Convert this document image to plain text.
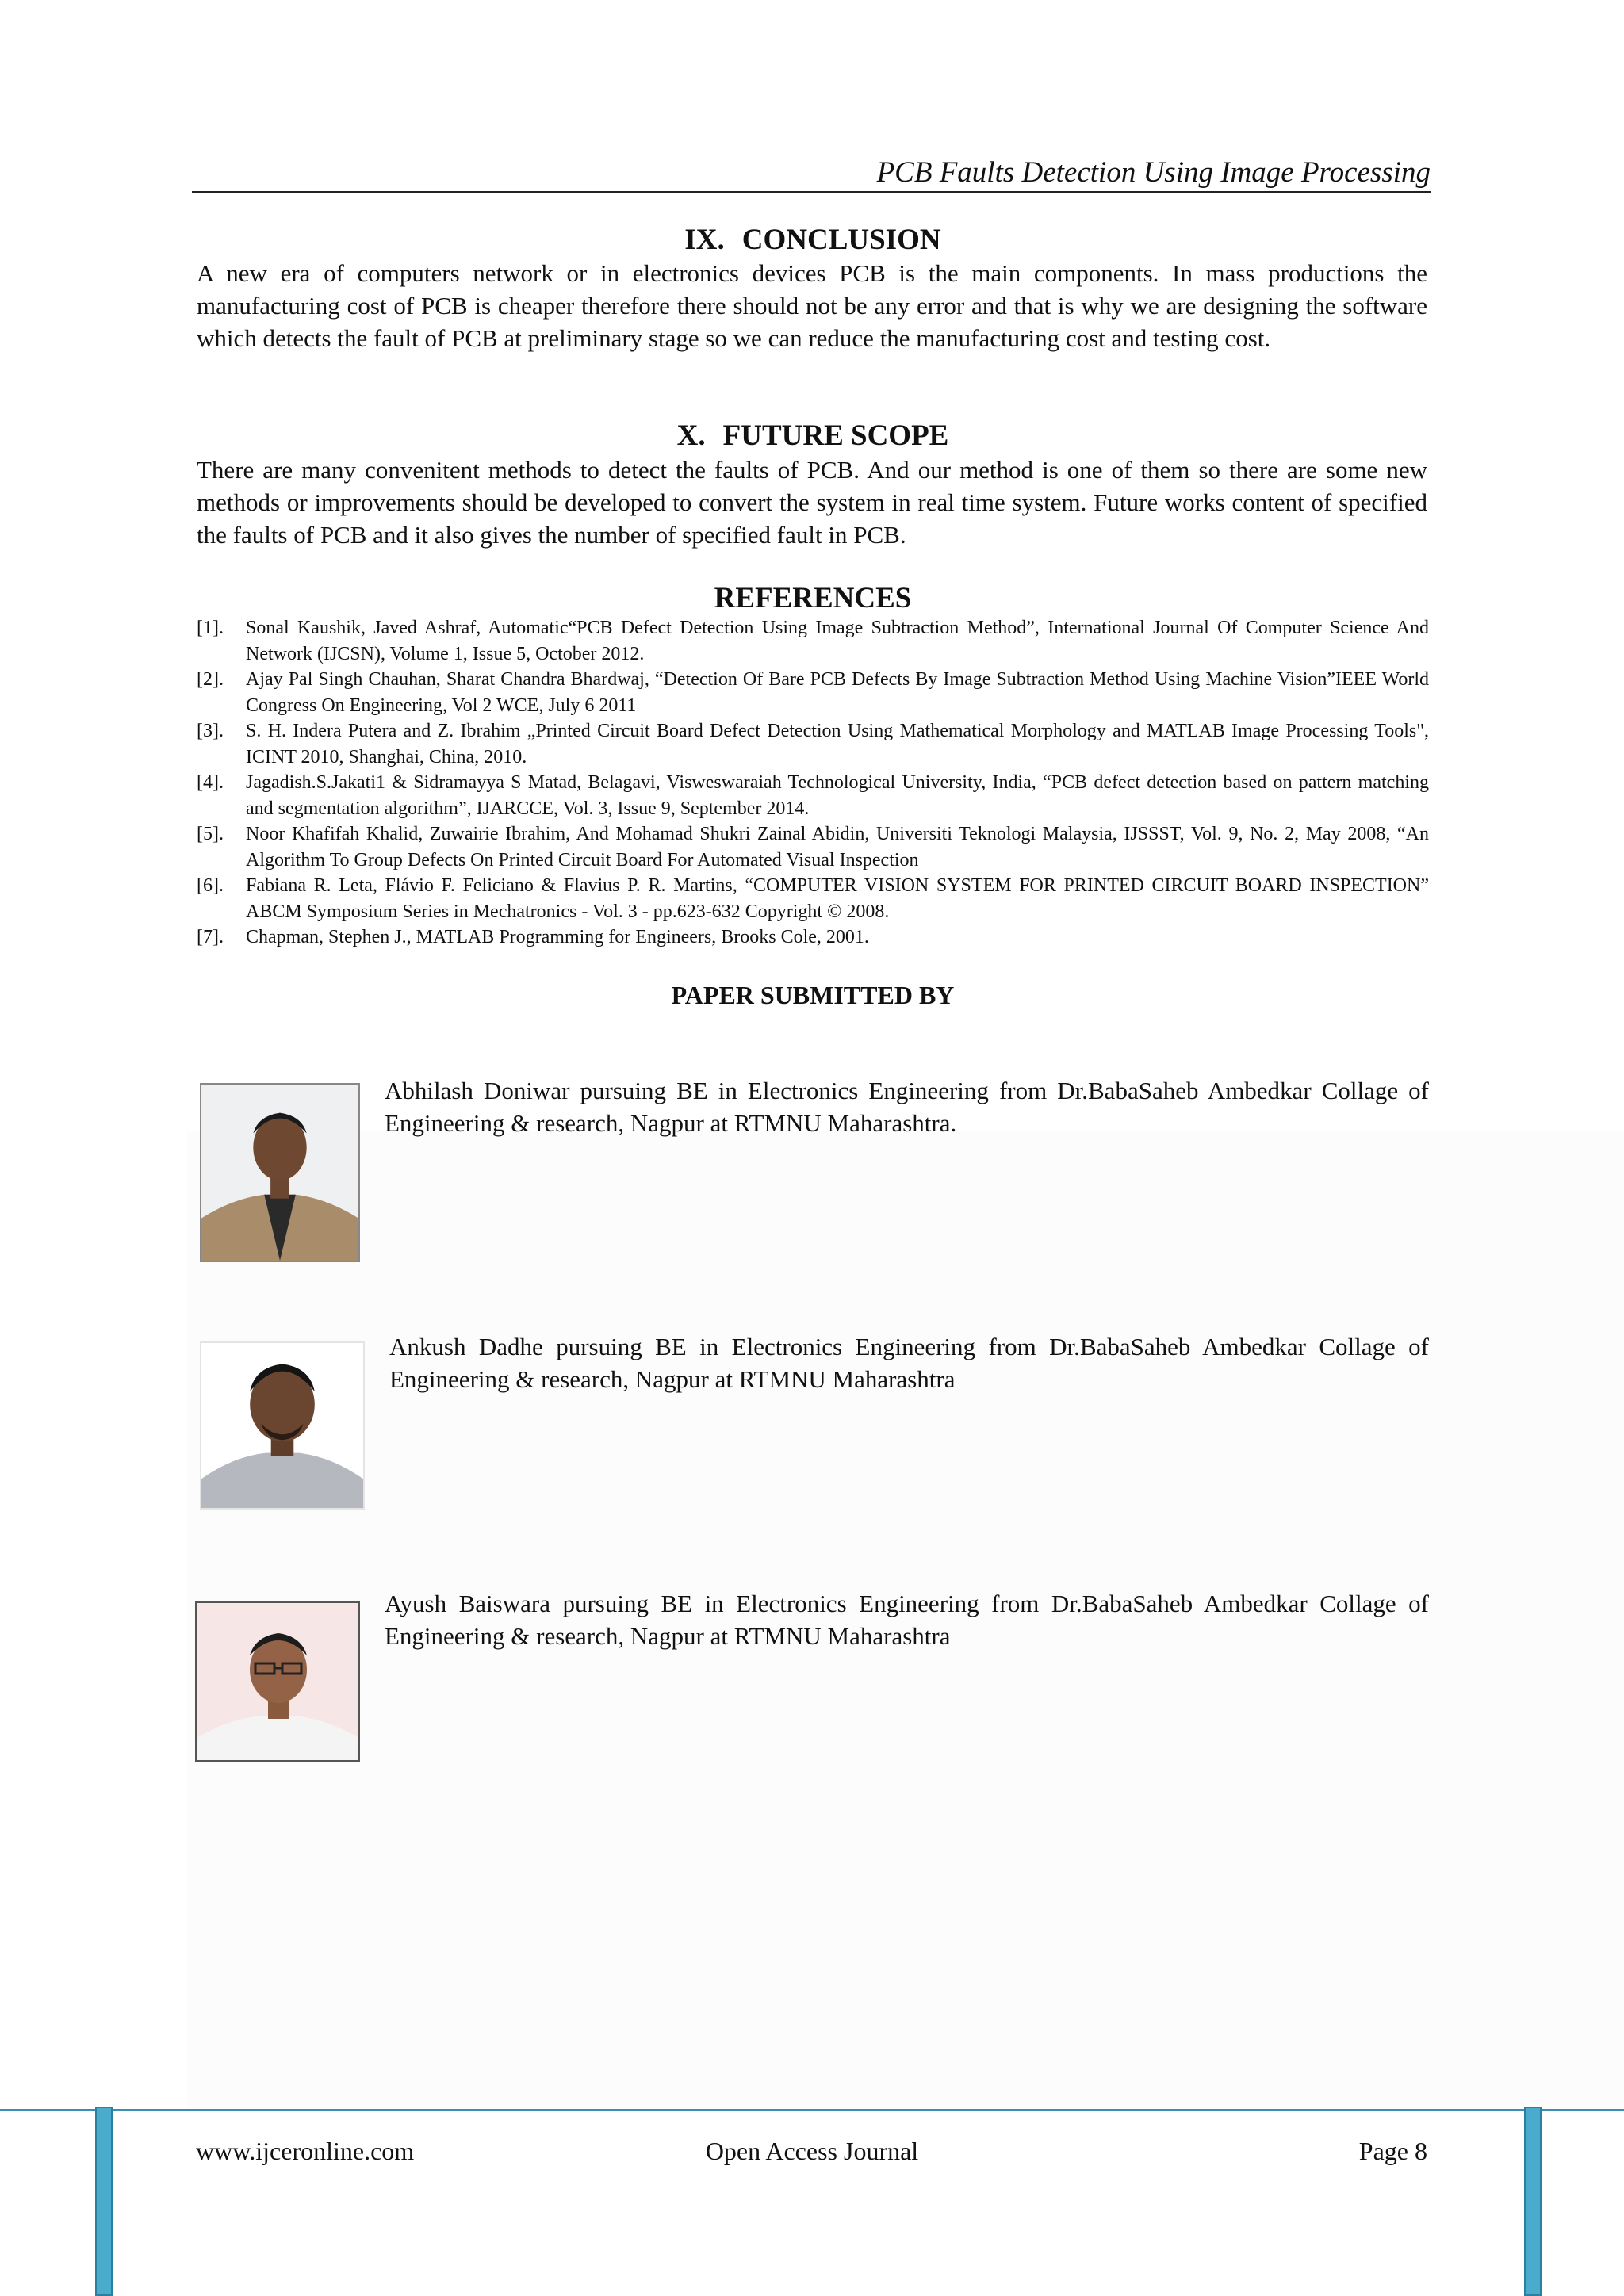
PCB Faults Detection Using Image Processing
IX. CONCLUSION

A new era of computers network or in electronics devices PCB is the main components. In mass productions the manufacturing cost of PCB is cheaper therefore there should not be any error and that is why we are designing the software which detects the fault of PCB at preliminary stage so we can reduce the manufacturing cost and testing cost.

X. FUTURE SCOPE

There are many convenitent methods to detect the faults of PCB. And our method is one of them so there are some new methods or improvements should be developed to convert the system in real time system. Future works content of specified the faults of PCB and it also gives the number of specified fault in PCB.

REFERENCES
[1].	Sonal Kaushik, Javed Ashraf, Automatic“PCB Defect Detection Using Image Subtraction Method”, International Journal Of Computer Science And Network (IJCSN), Volume 1, Issue 5, October 2012.
[2].	Ajay Pal Singh Chauhan, Sharat Chandra Bhardwaj, “Detection Of Bare PCB Defects By Image Subtraction Method Using Machine Vision”IEEE World Congress On Engineering, Vol 2 WCE, July 6 2011
[3].	S. H. Indera Putera and Z. Ibrahim „Printed Circuit Board Defect Detection Using Mathematical Morphology and MATLAB Image Processing Tools", ICINT 2010, Shanghai, China, 2010.
[4].	Jagadish.S.Jakati1 & Sidramayya S Matad, Belagavi, Visweswaraiah Technological University, India, “PCB defect detection based on pattern matching and segmentation algorithm”, IJARCCE, Vol. 3, Issue 9, September 2014.
[5].	Noor Khafifah Khalid, Zuwairie Ibrahim, And Mohamad Shukri Zainal Abidin, Universiti Teknologi Malaysia, IJSSST, Vol. 9, No. 2, May 2008, “An Algorithm To Group Defects On Printed Circuit Board For Automated Visual Inspection
[6].	Fabiana R. Leta, Flávio F. Feliciano & Flavius P. R. Martins, “COMPUTER VISION SYSTEM FOR PRINTED CIRCUIT BOARD INSPECTION” ABCM Symposium Series in Mechatronics - Vol. 3 - pp.623-632 Copyright © 2008.
[7].	Chapman, Stephen J., MATLAB Programming for Engineers, Brooks Cole, 2001.
PAPER SUBMITTED BY

Abhilash Doniwar pursuing BE in Electronics Engineering from Dr.BabaSaheb Ambedkar Collage of Engineering & research, Nagpur at RTMNU Maharashtra.

Ankush Dadhe pursuing BE in Electronics Engineering from Dr.BabaSaheb Ambedkar Collage of Engineering & research, Nagpur at RTMNU Maharashtra

Ayush Baiswara pursuing BE in Electronics Engineering from Dr.BabaSaheb Ambedkar Collage of Engineering & research, Nagpur at RTMNU Maharashtra

www.ijceronline.com	Open Access Journal	Page 8
